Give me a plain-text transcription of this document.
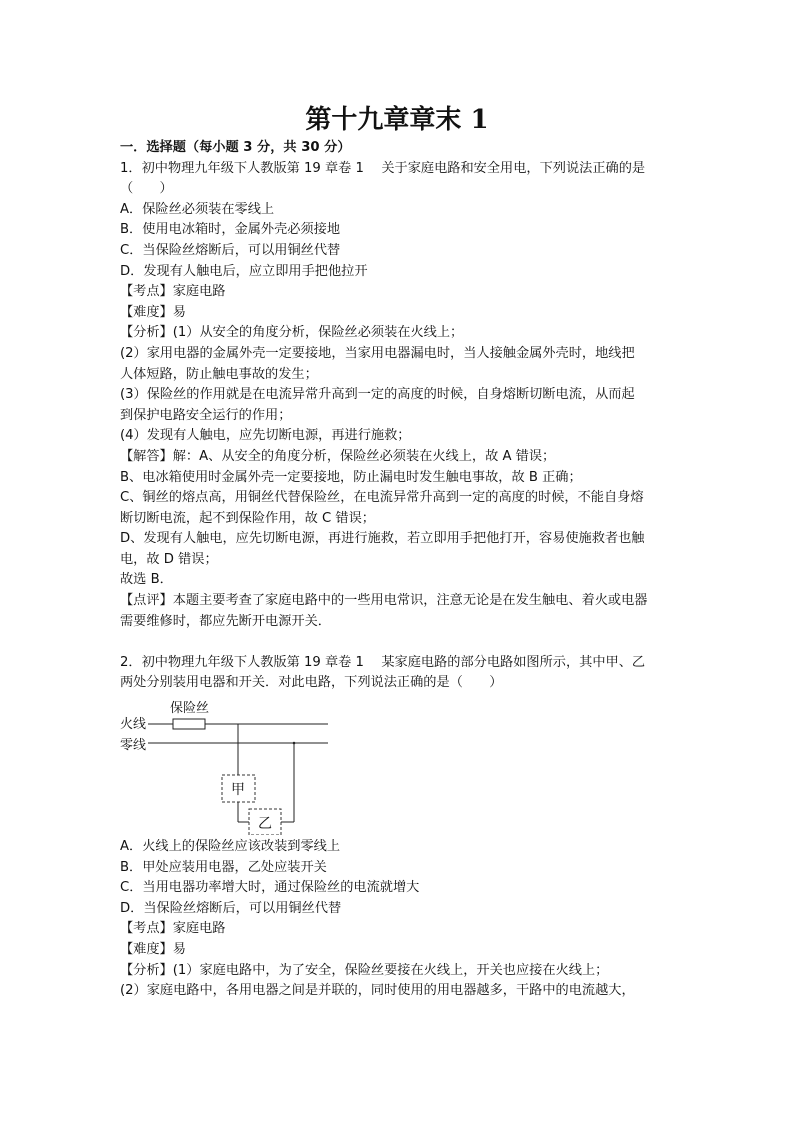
第十九章章末 1

一．选择题（每小题 3 分，共 30 分）

1．初中物理九年级下人教版第 19 章卷 1　 关于家庭电路和安全用电，下列说法正确的是

（　　）

A．保险丝必须装在零线上

B．使用电冰箱时，金属外壳必须接地

C．当保险丝熔断后，可以用铜丝代替

D．发现有人触电后，应立即用手把他拉开

【考点】家庭电路

【难度】易

【分析】(1）从安全的角度分析，保险丝必须装在火线上；

(2）家用电器的金属外壳一定要接地，当家用电器漏电时，当人接触金属外壳时，地线把

人体短路，防止触电事故的发生；

(3）保险丝的作用就是在电流异常升高到一定的高度的时候，自身熔断切断电流，从而起

到保护电路安全运行的作用；

(4）发现有人触电，应先切断电源，再进行施救；

【解答】解：A、从安全的角度分析，保险丝必须装在火线上，故 A 错误；

B、电冰箱使用时金属外壳一定要接地，防止漏电时发生触电事故，故 B 正确；

C、铜丝的熔点高，用铜丝代替保险丝，在电流异常升高到一定的高度的时候，不能自身熔

断切断电流，起不到保险作用，故 C 错误；

D、发现有人触电，应先切断电源，再进行施救，若立即用手把他打开，容易使施救者也触

电，故 D 错误；

故选 B．

【点评】本题主要考查了家庭电路中的一些用电常识，注意无论是在发生触电、着火或电器

需要维修时，都应先断开电源开关．

2．初中物理九年级下人教版第 19 章卷 1　 某家庭电路的部分电路如图所示，其中甲、乙

两处分别装用电器和开关．对此电路，下列说法正确的是（　　）

保险丝
火线
零线
甲
乙

A．火线上的保险丝应该改装到零线上

B．甲处应装用电器，乙处应装开关

C．当用电器功率增大时，通过保险丝的电流就增大

D．当保险丝熔断后，可以用铜丝代替

【考点】家庭电路

【难度】易

【分析】(1）家庭电路中，为了安全，保险丝要接在火线上，开关也应接在火线上；

(2）家庭电路中，各用电器之间是并联的，同时使用的用电器越多，干路中的电流越大，
